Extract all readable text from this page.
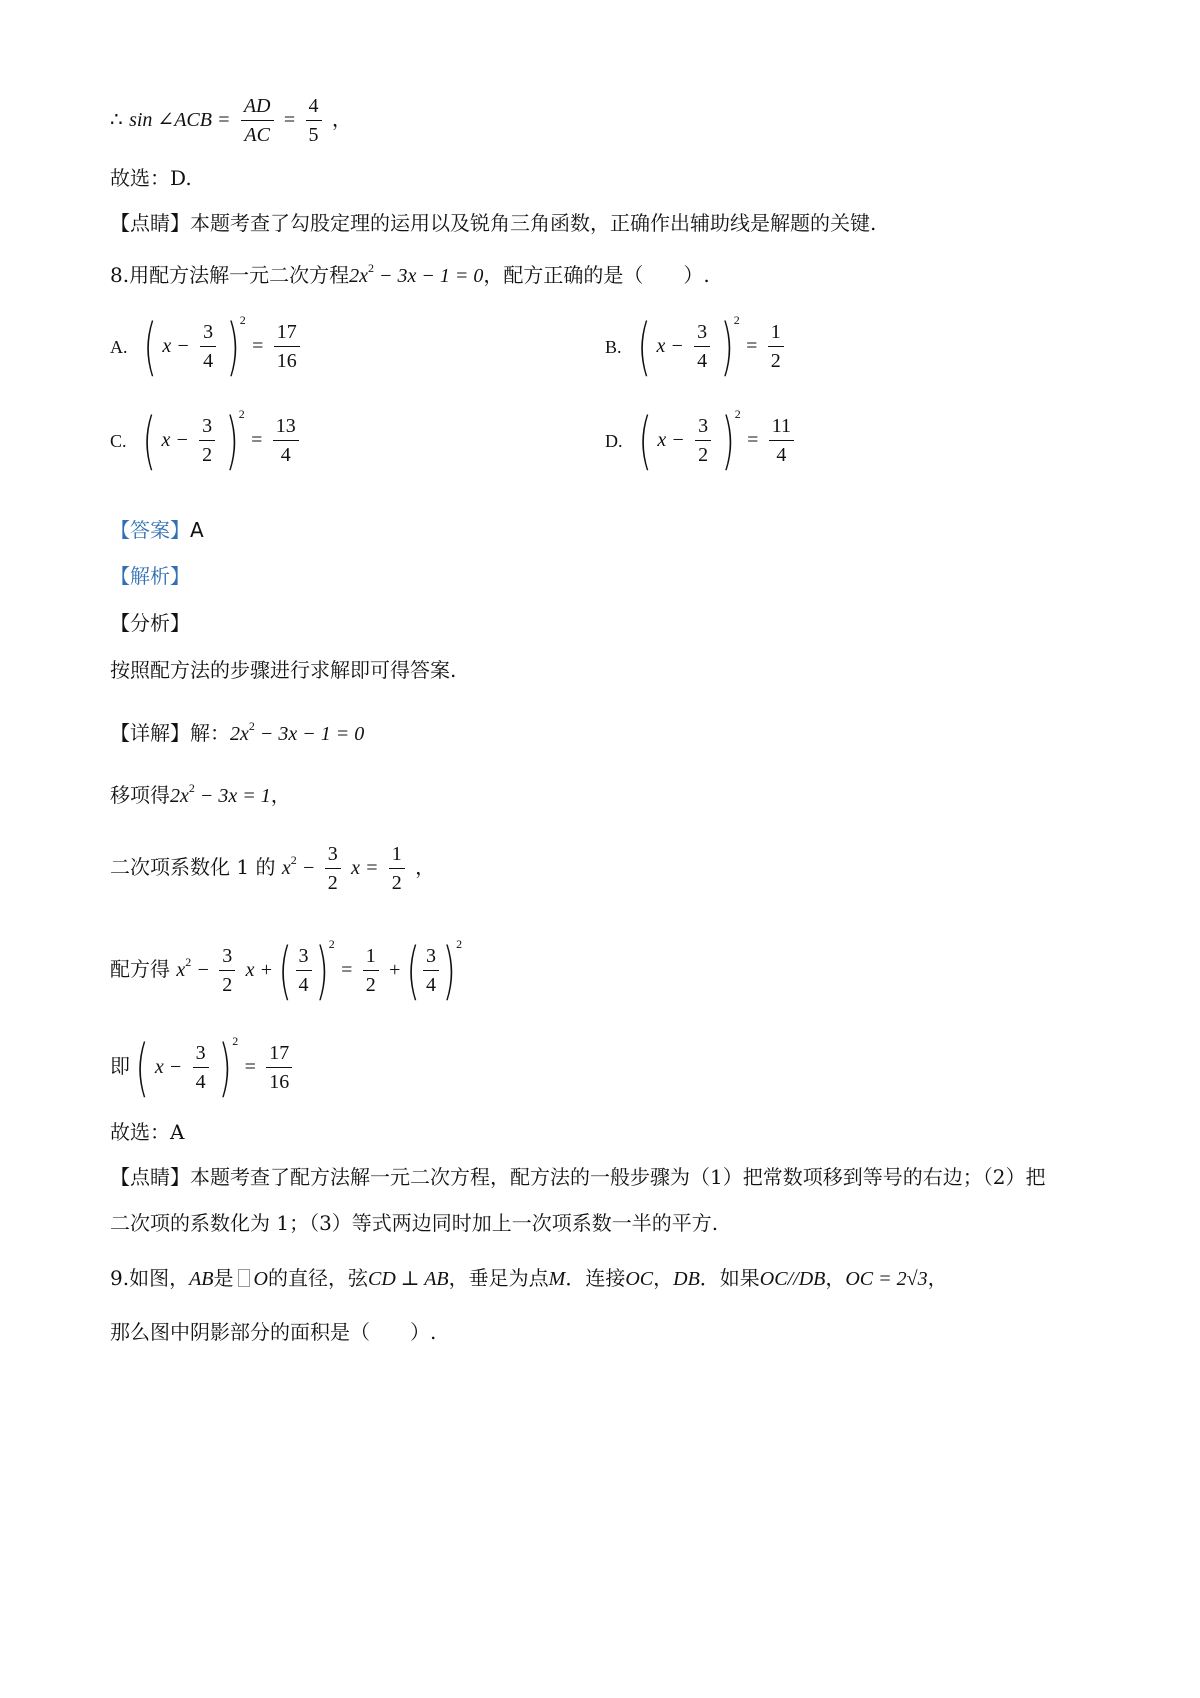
∴ sin ∠ACB = $\frac{AD}{AC} = \frac{4}{5}$ ，
故选：D.
【点睛】本题考查了勾股定理的运用以及锐角三角函数，正确作出辅助线是解题的关键.
8.用配方法解一元二次方程$2x^2 - 3x - 1 = 0$，配方正确的是（　　）.
A. ( $x - \frac{3}{4} )^2 = \frac{17}{16}$	B. ( $x - \frac{3}{4} )^2 = \frac{1}{2}$
C. ( $x - \frac{3}{2} )^2 = \frac{13}{4}$	D. ( $x - \frac{3}{2} )^2 = \frac{11}{4}$
【答案】A
【解析】
【分析】
按照配方法的步骤进行求解即可得答案.
【详解】解：$2x^2 - 3x - 1 = 0$
移项得$2x^2 - 3x = 1$，
二次项系数化 1 的 $x^2 - \frac{3}{2}$ $x = \frac{1}{2}$ ，
配方得 $x^2 - \frac{3}{2}$ x + ( $\frac{3}{4} )^2 = \frac{1}{2}$ + ( $\frac{3}{4} )^2$
即 ( $x - \frac{3}{4} )^2 = \frac{17}{16}$
故选：A
【点睛】本题考查了配方法解一元二次方程，配方法的一般步骤为（1）把常数项移到等号的右边；（2）把
二次项的系数化为 1；（3）等式两边同时加上一次项系数一半的平方.
9.如图，AB是 O的直径，弦CD ⊥ AB，垂足为点M．连接OC，DB．如果OC//DB，OC = 2√3，
那么图中阴影部分的面积是（　　）.
